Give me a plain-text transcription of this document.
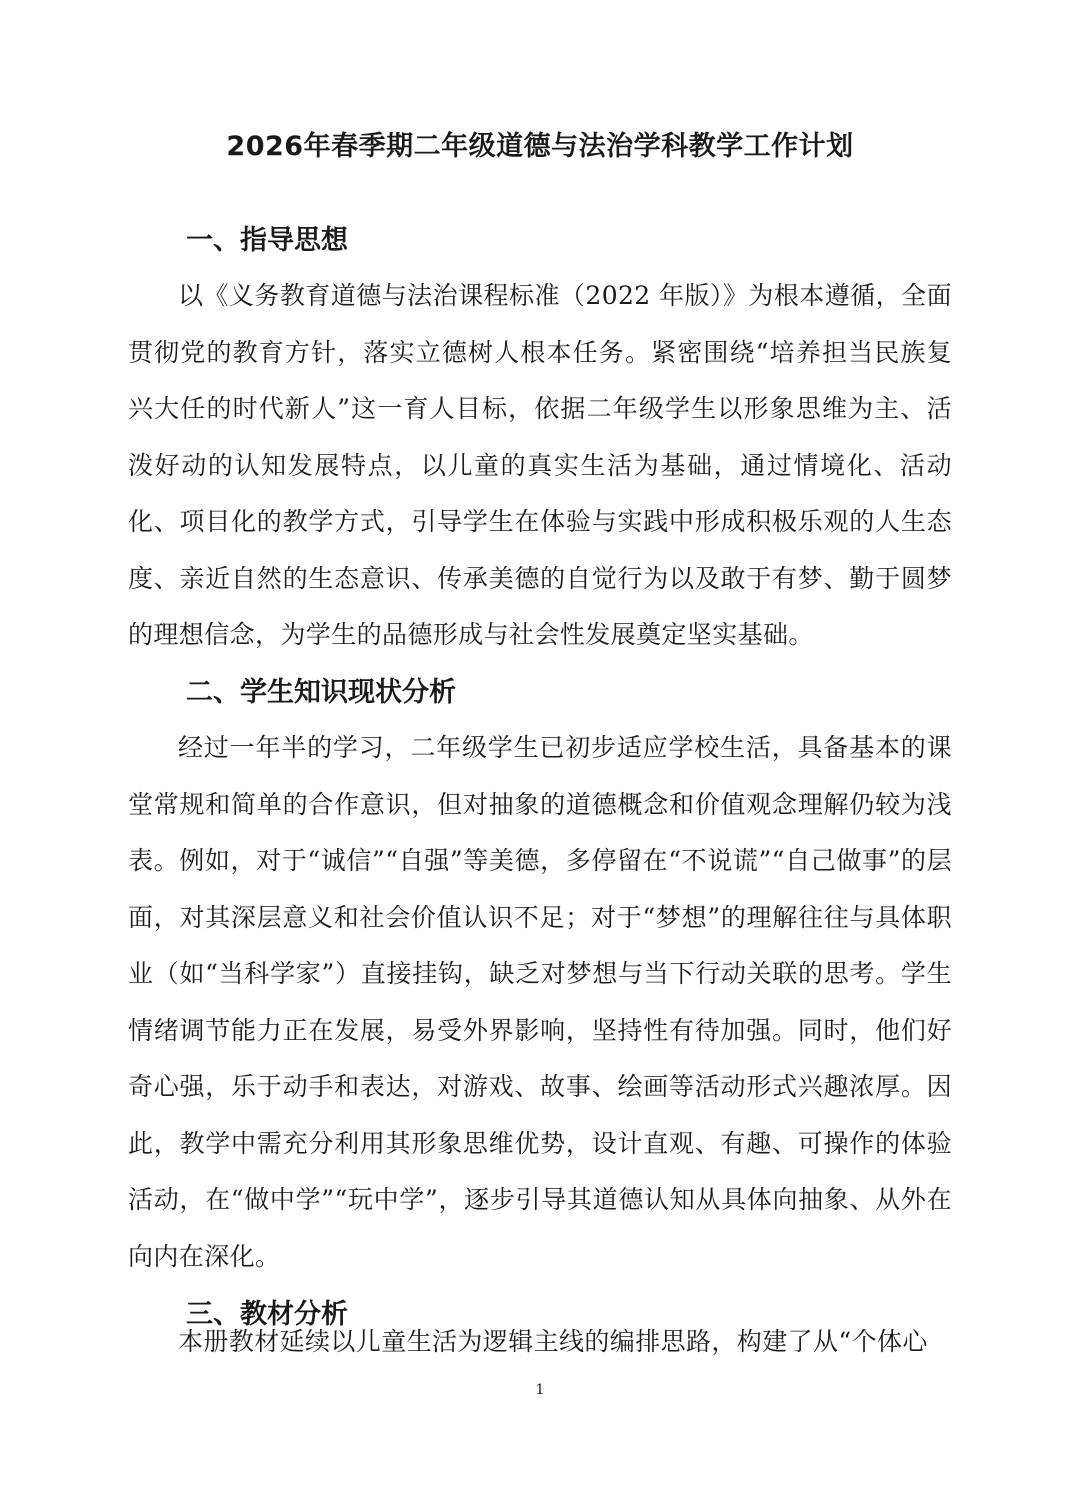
2026年春季期二年级道德与法治学科教学工作计划
一、指导思想

以《义务教育道德与法治课程标准（2022 年版）》为根本遵循，全面贯彻党的教育方针，落实立德树人根本任务。紧密围绕“培养担当民族复兴大任的时代新人”这一育人目标，依据二年级学生以形象思维为主、活泼好动的认知发展特点，以儿童的真实生活为基础，通过情境化、活动化、项目化的教学方式，引导学生在体验与实践中形成积极乐观的人生态度、亲近自然的生态意识、传承美德的自觉行为以及敢于有梦、勤于圆梦的理想信念，为学生的品德形成与社会性发展奠定坚实基础。

二、学生知识现状分析

经过一年半的学习，二年级学生已初步适应学校生活，具备基本的课堂常规和简单的合作意识，但对抽象的道德概念和价值观念理解仍较为浅表。例如，对于“诚信”“自强”等美德，多停留在“不说谎”“自己做事”的层面，对其深层意义和社会价值认识不足；对于“梦想”的理解往往与具体职业（如“当科学家”）直接挂钩，缺乏对梦想与当下行动关联的思考。学生情绪调节能力正在发展，易受外界影响，坚持性有待加强。同时，他们好奇心强，乐于动手和表达，对游戏、故事、绘画等活动形式兴趣浓厚。因此，教学中需充分利用其形象思维优势，设计直观、有趣、可操作的体验活动，在“做中学”“玩中学”，逐步引导其道德认知从具体向抽象、从外在向内在深化。

三、教材分析

本册教材延续以儿童生活为逻辑主线的编排思路，构建了从“个体心

1
